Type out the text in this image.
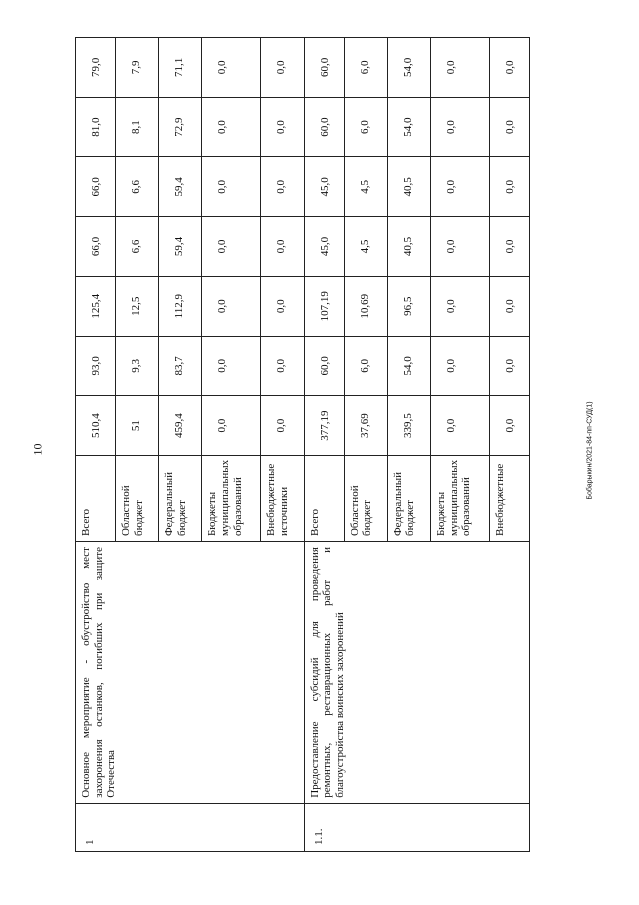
10	Бобарыкин/2021-84-пп-СУД(1)
1	Основное мероприятие - обустройство мест захоронения останков, погибших при защите Отечества	Всего	510,4	93,0	125,4	66,0	66,0	81,0	79,0
		Областной бюджет	51	9,3	12,5	6,6	6,6	8,1	7,9
		Федеральный бюджет	459,4	83,7	112,9	59,4	59,4	72,9	71,1
		Бюджеты муниципальных образований	0,0	0,0	0,0	0,0	0,0	0,0	0,0
		Внебюджетные источники	0,0	0,0	0,0	0,0	0,0	0,0	0,0
1.1.	Предоставление субсидий для проведения ремонтных, реставрационных работ и благоустройства воинских захоронений	Всего	377,19	60,0	107,19	45,0	45,0	60,0	60,0
		Областной бюджет	37,69	6,0	10,69	4,5	4,5	6,0	6,0
		Федеральный бюджет	339,5	54,0	96,5	40,5	40,5	54,0	54,0
		Бюджеты муниципальных образований	0,0	0,0	0,0	0,0	0,0	0,0	0,0
		Внебюджетные	0,0	0,0	0,0	0,0	0,0	0,0	0,0
